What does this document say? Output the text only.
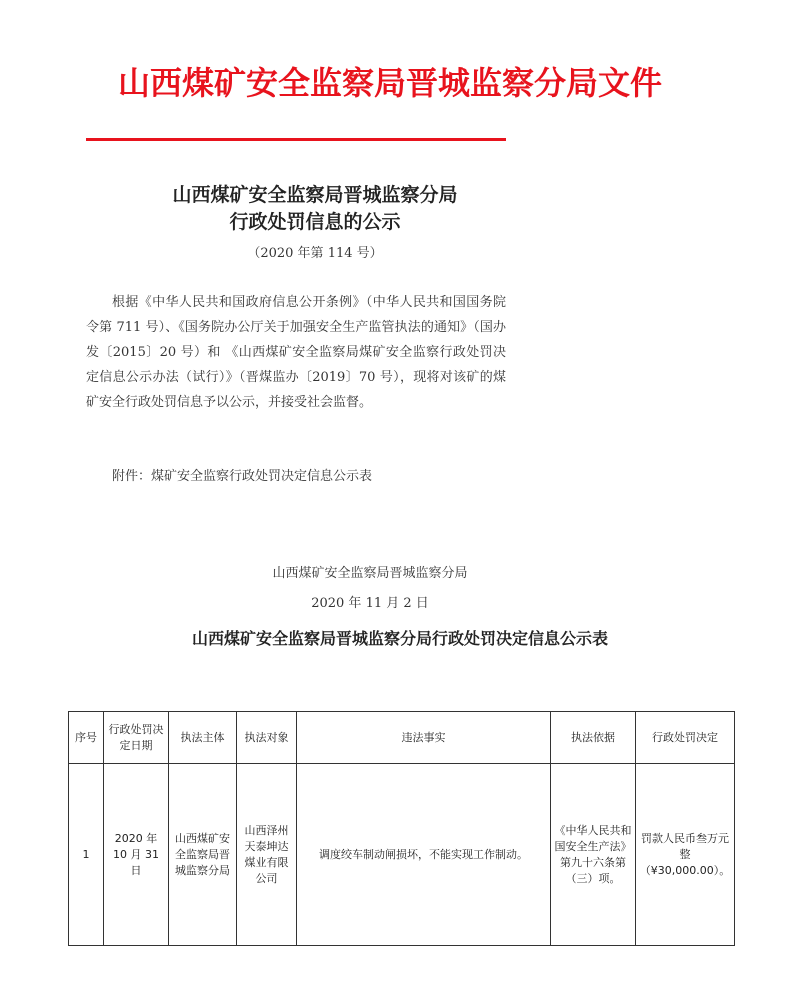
山西煤矿安全监察局晋城监察分局文件
山西煤矿安全监察局晋城监察分局
行政处罚信息的公示
（2020 年第 114 号）
根据《中华人民共和国政府信息公开条例》（中华人民共和国国务院令第 711 号）、《国务院办公厅关于加强安全生产监管执法的通知》（国办发〔2015〕20 号）和 《山西煤矿安全监察局煤矿安全监察行政处罚决定信息公示办法（试行）》（晋煤监办〔2019〕70 号），现将对该矿的煤矿安全行政处罚信息予以公示，并接受社会监督。
附件：煤矿安全监察行政处罚决定信息公示表
山西煤矿安全监察局晋城监察分局
2020 年 11 月 2 日
山西煤矿安全监察局晋城监察分局行政处罚决定信息公示表
序号	行政处罚决定日期	执法主体	执法对象	违法事实	执法依据	行政处罚决定
1	2020 年 10 月 31 日	山西煤矿安全监察局晋城监察分局	山西泽州天泰坤达煤业有限公司	调度绞车制动闸损坏，不能实现工作制动。	《中华人民共和国安全生产法》第九十六条第（三）项。	罚款人民币叁万元整（¥30,000.00）。
